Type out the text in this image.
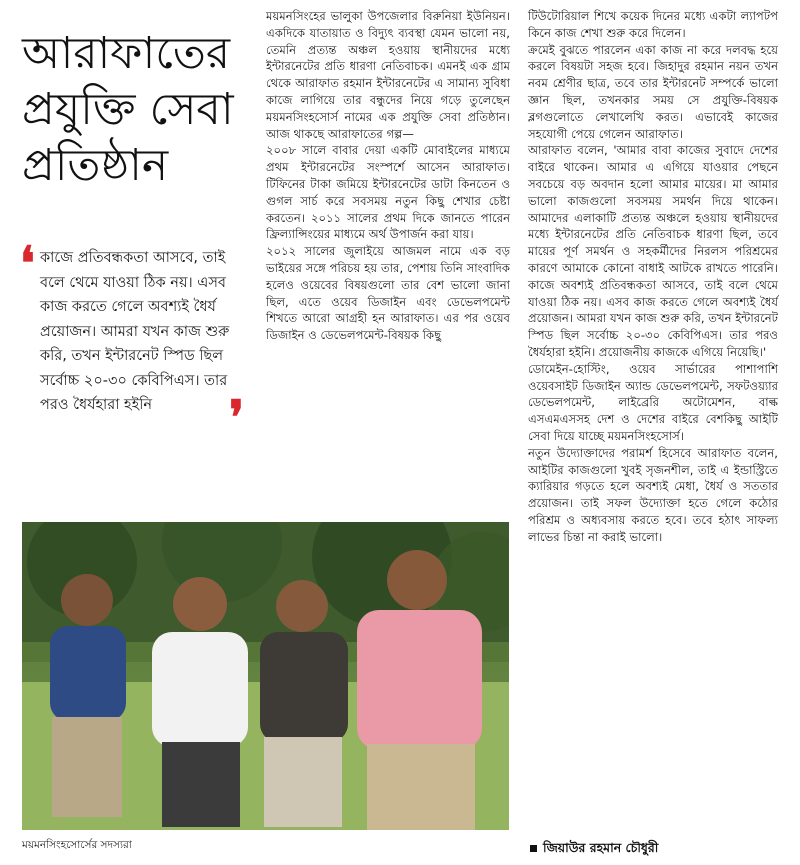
আরাফাতের প্রযুক্তি সেবা প্রতিষ্ঠান
❛ কাজে প্রতিবন্ধকতা আসবে, তাই বলে থেমে যাওয়া ঠিক নয়। এসব কাজ করতে গেলে অবশ্যই ধৈর্য প্রয়োজন। আমরা যখন কাজ শুরু করি, তখন ইন্টারনেট স্পিড ছিল সর্বোচ্চ ২০-৩০ কেবিপিএস। তার পরও ধৈর্যহারা হইনি	❜

ময়মনসিংহের ভালুকা উপজেলার বিরুনিয়া ইউনিয়ন। একদিকে যাতায়াত ও বিদ্যুৎ ব্যবস্থা যেমন ভালো নয়, তেমনি প্রত্যন্ত অঞ্চল হওয়ায় স্থানীয়দের মধ্যে ইন্টারনেটের প্রতি ধারণা নেতিবাচক। এমনই এক গ্রাম থেকে আরাফাত রহমান ইন্টারনেটের এ সামান্য সুবিধা কাজে লাগিয়ে তার বন্ধুদের নিয়ে গড়ে তুলেছেন ময়মনসিংহসোর্স নামের এক প্রযুক্তি সেবা প্রতিষ্ঠান। আজ থাকছে আরাফাতের গল্প—

২০০৮ সালে বাবার দেয়া একটি মোবাইলের মাধ্যমে প্রথম ইন্টারনেটের সংস্পর্শে আসেন আরাফাত। টিফিনের টাকা জমিয়ে ইন্টারনেটের ডাটা কিনতেন ও গুগল সার্চ করে সবসময় নতুন কিছু শেখার চেষ্টা করতেন। ২০১১ সালের প্রথম দিকে জানতে পারেন ফ্রিল্যান্সিংয়ের মাধ্যমে অর্থ উপার্জন করা যায়।

২০১২ সালের জুলাইয়ে আজমল নামে এক বড় ভাইয়ের সঙ্গে পরিচয় হয় তার, পেশায় তিনি সাংবাদিক হলেও ওয়েবের বিষয়গুলো তার বেশ ভালো জানা ছিল, এতে ওয়েব ডিজাইন এবং ডেভেলপমেন্ট শিখতে আরো আগ্রহী হন আরাফাত। এর পর ওয়েব ডিজাইন ও ডেভেলপমেন্ট-বিষয়ক কিছু

টিউটোরিয়াল শিখে কয়েক দিনের মধ্যে একটা ল্যাপটপ কিনে কাজ শেখা শুরু করে দিলেন।

ক্রমেই বুঝতে পারলেন একা কাজ না করে দলবদ্ধ হয়ে করলে বিষয়টা সহজ হবে। জিহাদুর রহমান নয়ন তখন নবম শ্রেণীর ছাত্র, তবে তার ইন্টারনেট সম্পর্কে ভালো জ্ঞান ছিল, তখনকার সময় সে প্রযুক্তি-বিষয়ক ব্লগগুলোতে লেখালেখি করত। এভাবেই কাজের সহযোগী পেয়ে গেলেন আরাফাত।

আরাফাত বলেন, 'আমার বাবা কাজের সুবাদে দেশের বাইরে থাকেন। আমার এ এগিয়ে যাওয়ার পেছনে সবচেয়ে বড় অবদান হলো আমার মায়ের। মা আমার ভালো কাজগুলো সবসময় সমর্থন দিয়ে থাকেন। আমাদের এলাকাটি প্রত্যন্ত অঞ্চলে হওয়ায় স্থানীয়দের মধ্যে ইন্টারনেটের প্রতি নেতিবাচক ধারণা ছিল, তবে মায়ের পূর্ণ সমর্থন ও সহকর্মীদের নিরলস পরিশ্রমের কারণে আমাকে কোনো বাধাই আটকে রাখতে পারেনি। কাজে অবশ্যই প্রতিবন্ধকতা আসবে, তাই বলে থেমে যাওয়া ঠিক নয়। এসব কাজ করতে গেলে অবশ্যই ধৈর্য প্রয়োজন। আমরা যখন কাজ শুরু করি, তখন ইন্টারনেট স্পিড ছিল সর্বোচ্চ ২০-৩০ কেবিপিএস। তার পরও ধৈর্যহারা হইনি। প্রয়োজনীয় কাজকে এগিয়ে নিয়েছি।'

ডোমেইন-হোস্টিং, ওয়েব সার্ভারের পাশাপাশি ওয়েবসাইট ডিজাইন অ্যান্ড ডেভেলপমেন্ট, সফটওয়্যার ডেভেলপমেন্ট, লাইব্রেরি অটোমেশন, বাল্ক এসএমএসসহ দেশ ও দেশের বাইরে বেশকিছু আইটি সেবা দিয়ে যাচ্ছে ময়মনসিংহসোর্স।

নতুন উদ্যোক্তাদের পরামর্শ হিসেবে আরাফাত বলেন, আইটির কাজগুলো খুবই সৃজনশীল, তাই এ ইন্ডাস্ট্রিতে ক্যারিয়ার গড়তে হলে অবশ্যই মেধা, ধৈর্য ও সততার প্রয়োজন। তাই সফল উদ্যোক্তা হতে গেলে কঠোর পরিশ্রম ও অধ্যবসায় করতে হবে। তবে হঠাৎ সাফল্য লাভের চিন্তা না করাই ভালো।

ময়মনসিংহসোর্সের সদস্যরা	জিয়াউর রহমান চৌধুরী
